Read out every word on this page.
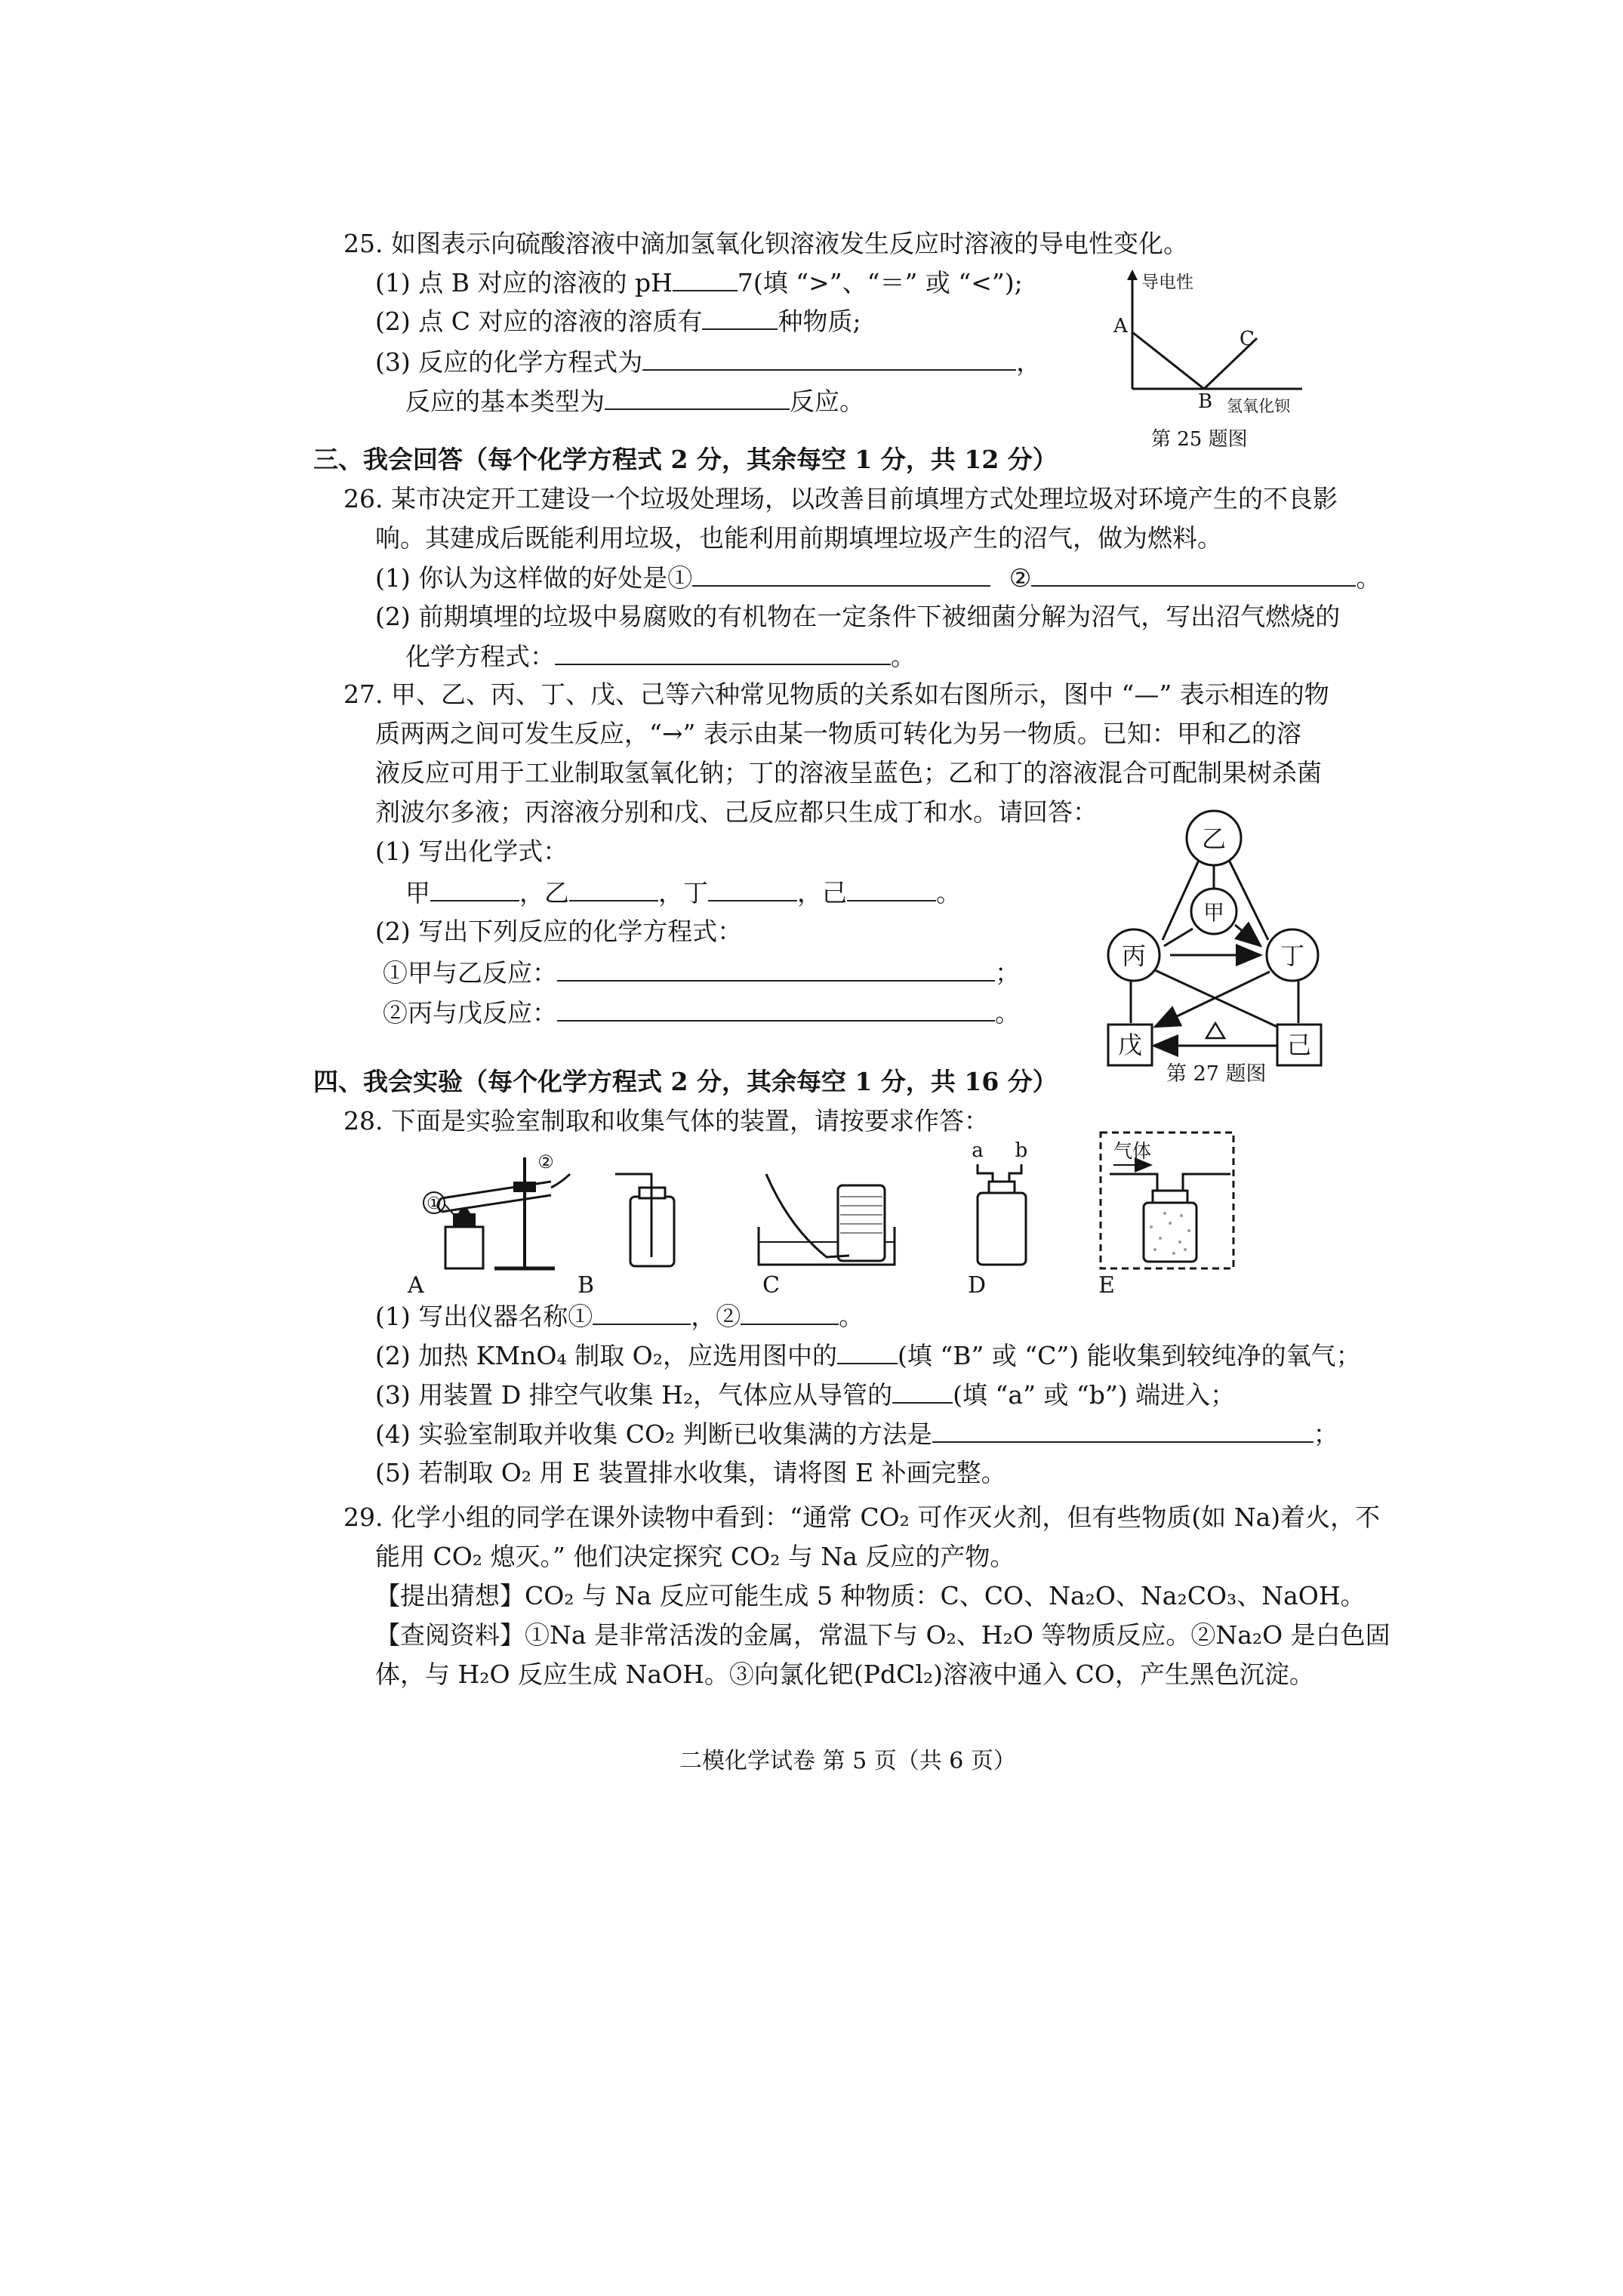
25. 如图表示向硫酸溶液中滴加氢氧化钡溶液发生反应时溶液的导电性变化。
(1) 点 B 对应的溶液的 pH	7(填 “>”、“＝” 或 “<”);
(2) 点 C 对应的溶液的溶质有	种物质;
(3) 反应的化学方程式为	，
反应的基本类型为	反应。
导电性
A
B
C
氢氧化钡
第 25 题图
三、我会回答（每个化学方程式 2 分，其余每空 1 分，共 12 分）
26. 某市决定开工建设一个垃圾处理场，以改善目前填埋方式处理垃圾对环境产生的不良影
响。其建成后既能利用垃圾，也能利用前期填埋垃圾产生的沼气，做为燃料。
(1) 你认为这样做的好处是①	②	。
(2) 前期填埋的垃圾中易腐败的有机物在一定条件下被细菌分解为沼气，写出沼气燃烧的
化学方程式：	。
27. 甲、乙、丙、丁、戊、己等六种常见物质的关系如右图所示，图中 “—” 表示相连的物
质两两之间可发生反应，“→” 表示由某一物质可转化为另一物质。已知：甲和乙的溶
液反应可用于工业制取氢氧化钠；丁的溶液呈蓝色；乙和丁的溶液混合可配制果树杀菌
剂波尔多液；丙溶液分别和戊、己反应都只生成丁和水。请回答：
(1) 写出化学式：
甲	，乙	，丁	，己	。
(2) 写出下列反应的化学方程式：
①甲与乙反应：	；
②丙与戊反应：	。
乙
甲
丙	丁
戊	己
第 27 题图
四、我会实验（每个化学方程式 2 分，其余每空 1 分，共 16 分）
28. 下面是实验室制取和收集气体的装置，请按要求作答：
①
②
A	B	C
a b
D
气体
E
(1) 写出仪器名称①	，②	。
(2) 加热 KMnO₄ 制取 O₂，应选用图中的 (填 “B” 或 “C”) 能收集到较纯净的氧气；
(3) 用装置 D 排空气收集 H₂，气体应从导管的 (填 “a” 或 “b”) 端进入；
(4) 实验室制取并收集 CO₂ 判断已收集满的方法是	；
(5) 若制取 O₂ 用 E 装置排水收集，请将图 E 补画完整。
29. 化学小组的同学在课外读物中看到：“通常 CO₂ 可作灭火剂，但有些物质(如 Na)着火，不
能用 CO₂ 熄灭。” 他们决定探究 CO₂ 与 Na 反应的产物。
【提出猜想】CO₂ 与 Na 反应可能生成 5 种物质：C、CO、Na₂O、Na₂CO₃、NaOH。
【查阅资料】①Na 是非常活泼的金属，常温下与 O₂、H₂O 等物质反应。②Na₂O 是白色固
体，与 H₂O 反应生成 NaOH。③向氯化钯(PdCl₂)溶液中通入 CO，产生黑色沉淀。
二模化学试卷 第 5 页（共 6 页）
